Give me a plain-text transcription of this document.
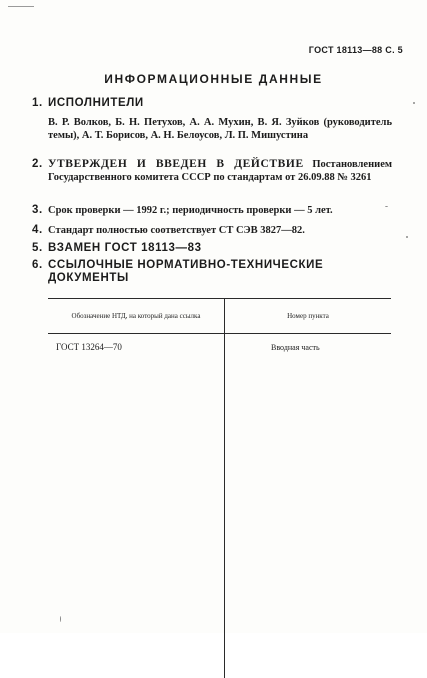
ГОСТ 18113—88 С. 5
ИНФОРМАЦИОННЫЕ ДАННЫЕ
1. ИСПОЛНИТЕЛИ
В. Р. Волков, Б. Н. Петухов, А. А. Мухин, В. Я. Зуйков (руководитель темы), А. Т. Борисов, А. Н. Белоусов, Л. П. Мишустина
2. УТВЕРЖДЕН И ВВЕДЕН В ДЕЙСТВИЕ Постановлением Государственного комитета СССР по стандартам от 26.09.88 № 3261
3. Срок проверки — 1992 г.; периодичность проверки — 5 лет.
4. Стандарт полностью соответствует СТ СЭВ 3827—82.
5. ВЗАМЕН ГОСТ 18113—83
6. ССЫЛОЧНЫЕ НОРМАТИВНО-ТЕХНИЧЕСКИЕ ДОКУМЕНТЫ
Обозначение НТД, на который дана ссылка	Номер пункта
ГОСТ 13264—70	Вводная часть
